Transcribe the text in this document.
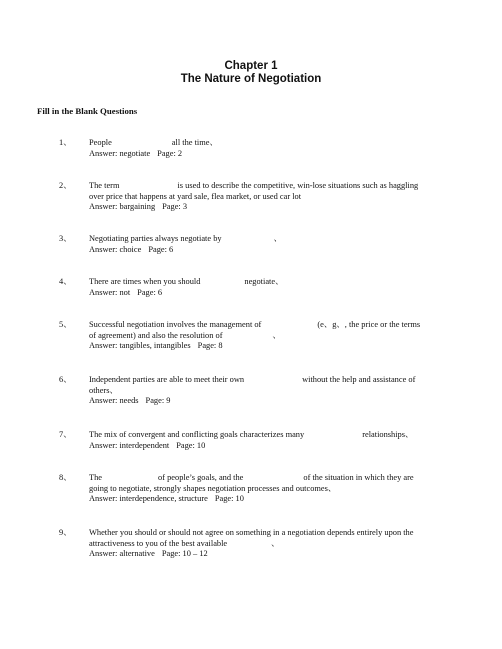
Chapter 1
The Nature of Negotiation
Fill in the Blank Questions
1、 People	all the time、
Answer: negotiate Page: 2
2、 The term	is used to describe the competitive, win-lose situations such as haggling
over price that happens at yard sale, flea market, or used car lot
Answer: bargaining Page: 3
3、 Negotiating parties always negotiate by	、
Answer: choice Page: 6
4、 There are times when you should	negotiate、
Answer: not Page: 6
5、 Successful negotiation involves the management of	(e、g、, the price or the terms
of agreement) and also the resolution of	、
Answer: tangibles, intangibles Page: 8
6、 Independent parties are able to meet their own	without the help and assistance of
others、
Answer: needs Page: 9
7、 The mix of convergent and conflicting goals characterizes many	relationships、
Answer: interdependent Page: 10
8、 The	of people’s goals, and the	of the situation in which they are
going to negotiate, strongly shapes negotiation processes and outcomes、
Answer: interdependence, structure Page: 10
9、 Whether you should or should not agree on something in a negotiation depends entirely upon the
attractiveness to you of the best available	、
Answer: alternative Page: 10 – 12
